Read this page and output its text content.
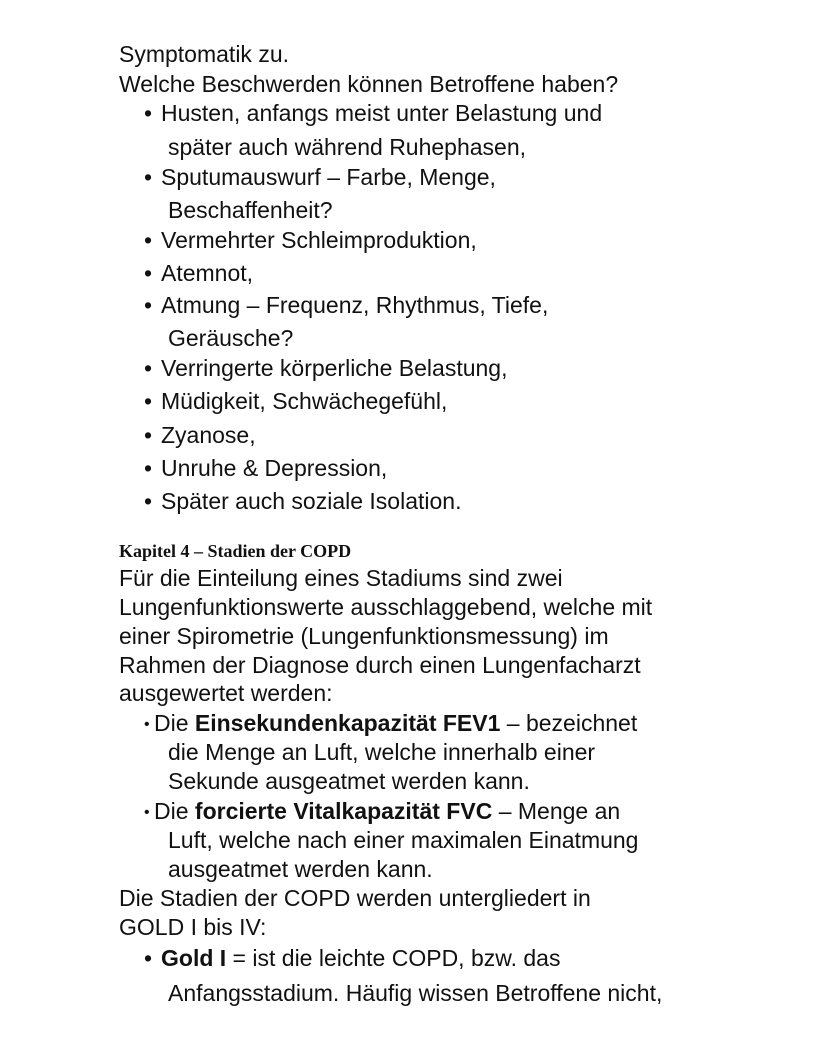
Symptomatik zu.
Welche Beschwerden können Betroffene haben?
• Husten, anfangs meist unter Belastung und
später auch während Ruhephasen,
• Sputumauswurf – Farbe, Menge,
Beschaffenheit?
• Vermehrter Schleimproduktion,
• Atemnot,
• Atmung – Frequenz, Rhythmus, Tiefe,
Geräusche?
• Verringerte körperliche Belastung,
• Müdigkeit, Schwächegefühl,
• Zyanose,
• Unruhe & Depression,
• Später auch soziale Isolation.
Kapitel 4 – Stadien der COPD
Für die Einteilung eines Stadiums sind zwei
Lungenfunktionswerte ausschlaggebend, welche mit
einer Spirometrie (Lungenfunktionsmessung) im
Rahmen der Diagnose durch einen Lungenfacharzt
ausgewertet werden:
• Die Einsekundenkapazität FEV1 – bezeichnet
die Menge an Luft, welche innerhalb einer
Sekunde ausgeatmet werden kann.
• Die forcierte Vitalkapazität FVC – Menge an
Luft, welche nach einer maximalen Einatmung
ausgeatmet werden kann.
Die Stadien der COPD werden untergliedert in
GOLD I bis IV:
• Gold I = ist die leichte COPD, bzw. das
Anfangsstadium. Häufig wissen Betroffene nicht,
